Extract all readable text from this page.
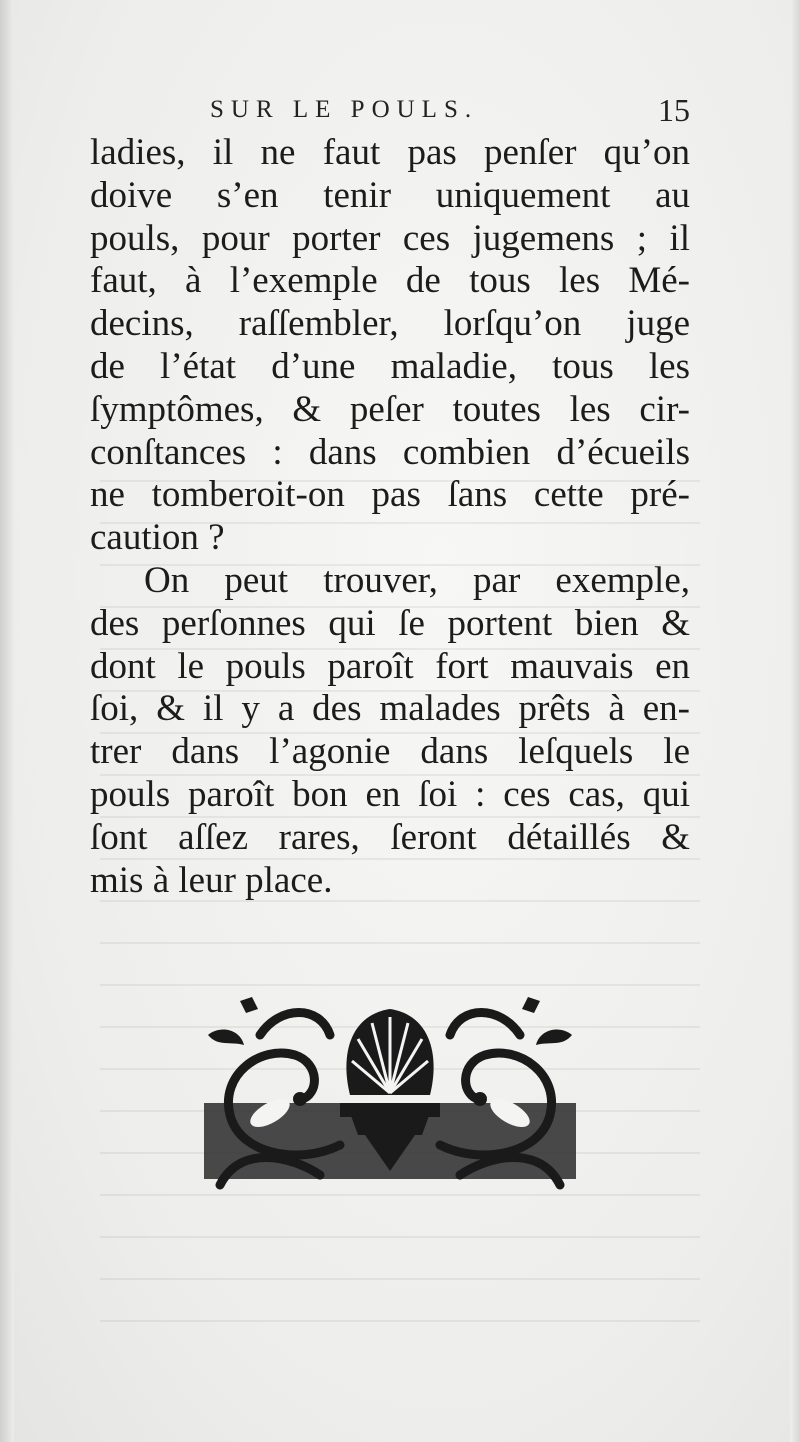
SUR LE POULS.	15
ladies, il ne faut pas penſer qu’on
doive s’en tenir uniquement au
pouls, pour porter ces jugemens ; il
faut, à l’exemple de tous les Mé-
decins, raſſembler, lorſqu’on juge
de l’état d’une maladie, tous les
ſymptômes, & peſer toutes les cir-
conſtances : dans combien d’écueils
ne tomberoit-on pas ſans cette pré-
caution ?
On peut trouver, par exemple,
des perſonnes qui ſe portent bien &
dont le pouls paroît fort mauvais en
ſoi, & il y a des malades prêts à en-
trer dans l’agonie dans leſquels le
pouls paroît bon en ſoi : ces cas, qui
ſont aſſez rares, ſeront détaillés &
mis à leur place.
